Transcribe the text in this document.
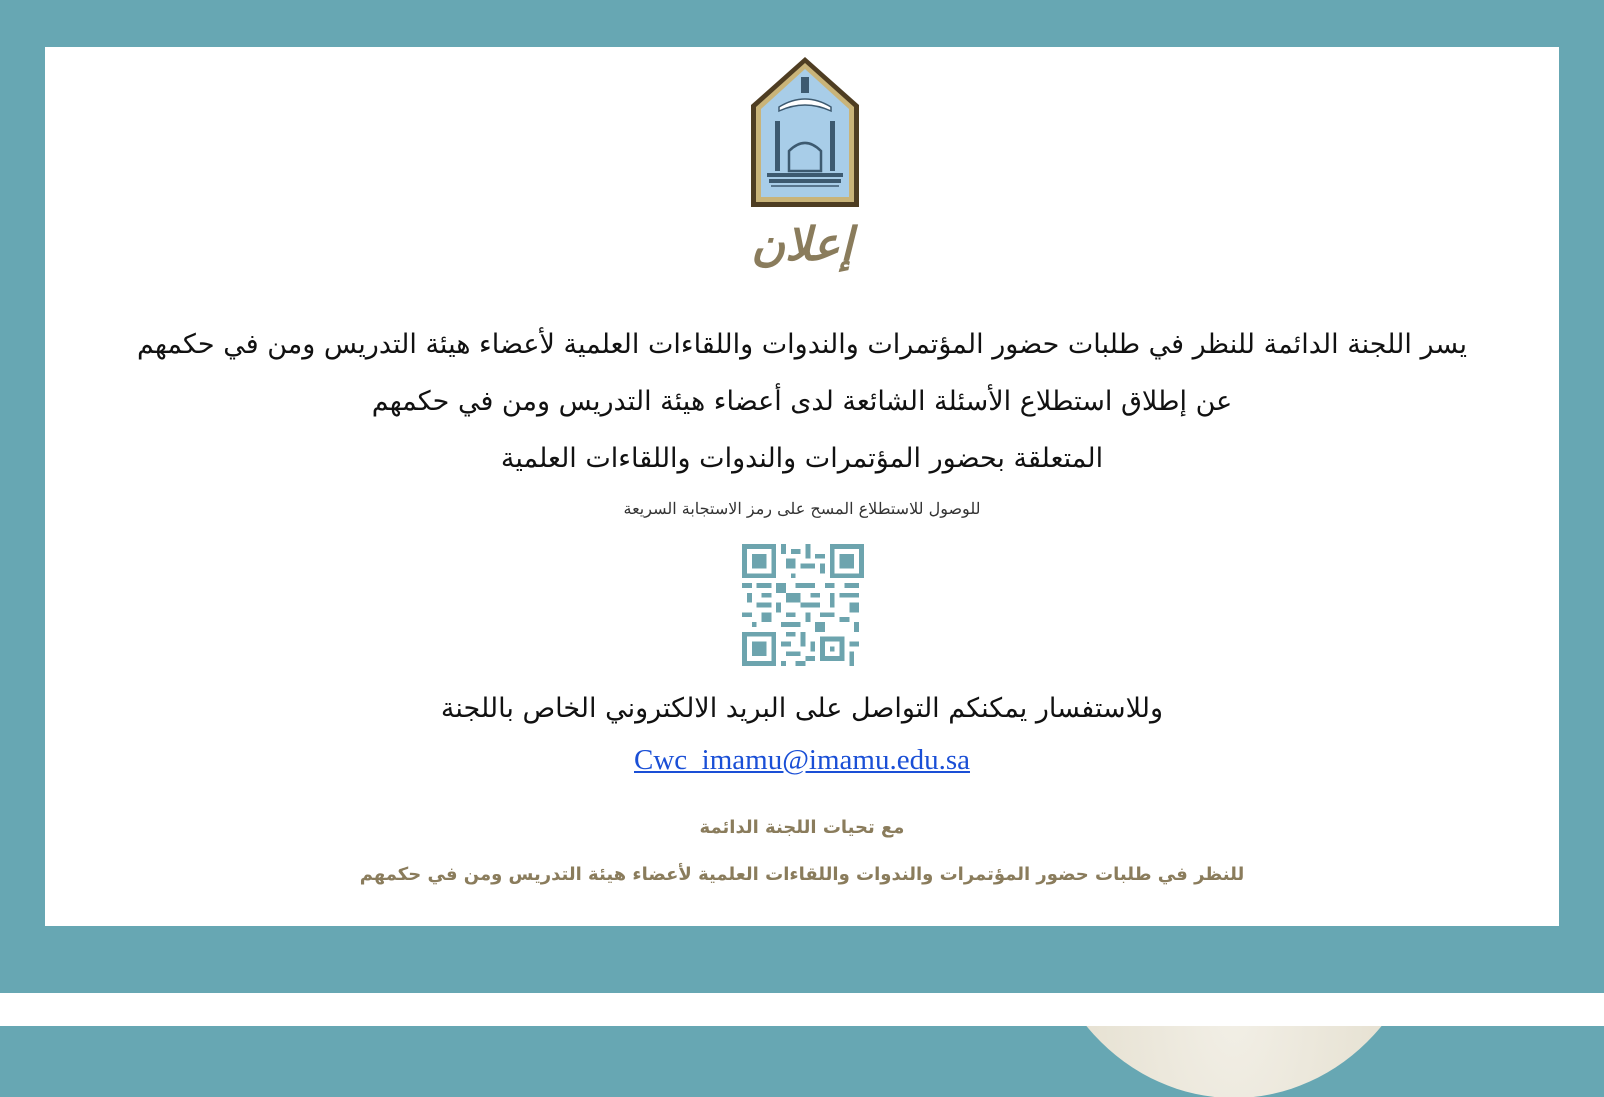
إعلان
يسر اللجنة الدائمة للنظر في طلبات حضور المؤتمرات والندوات واللقاءات العلمية لأعضاء هيئة التدريس ومن في حكمهم
عن إطلاق استطلاع الأسئلة الشائعة لدى أعضاء هيئة التدريس ومن في حكمهم
المتعلقة بحضور المؤتمرات والندوات واللقاءات العلمية
للوصول للاستطلاع المسح على رمز الاستجابة السريعة
وللاستفسار يمكنكم التواصل على البريد الالكتروني الخاص باللجنة
Cwc_imamu@imamu.edu.sa
مع تحيات اللجنة الدائمة
للنظر في طلبات حضور المؤتمرات والندوات واللقاءات العلمية لأعضاء هيئة التدريس ومن في حكمهم
